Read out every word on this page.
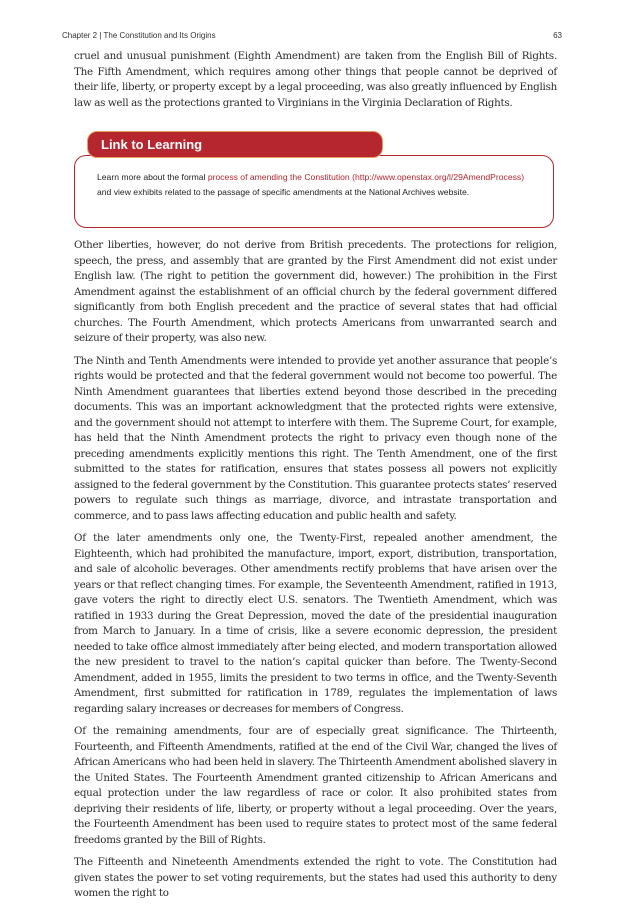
Chapter 2 | The Constitution and Its Origins	63

cruel and unusual punishment (Eighth Amendment) are taken from the English Bill of Rights. The Fifth Amendment, which requires among other things that people cannot be deprived of their life, liberty, or property except by a legal proceeding, was also greatly influenced by English law as well as the protections granted to Virginians in the Virginia Declaration of Rights.

Link to Learning
Learn more about the formal process of amending the Constitution (http://www.openstax.org/l/29AmendProcess) and view exhibits related to the passage of specific amendments at the National Archives website.

Other liberties, however, do not derive from British precedents. The protections for religion, speech, the press, and assembly that are granted by the First Amendment did not exist under English law. (The right to petition the government did, however.) The prohibition in the First Amendment against the establishment of an official church by the federal government differed significantly from both English precedent and the practice of several states that had official churches. The Fourth Amendment, which protects Americans from unwarranted search and seizure of their property, was also new.

The Ninth and Tenth Amendments were intended to provide yet another assurance that people’s rights would be protected and that the federal government would not become too powerful. The Ninth Amendment guarantees that liberties extend beyond those described in the preceding documents. This was an important acknowledgment that the protected rights were extensive, and the government should not attempt to interfere with them. The Supreme Court, for example, has held that the Ninth Amendment protects the right to privacy even though none of the preceding amendments explicitly mentions this right. The Tenth Amendment, one of the first submitted to the states for ratification, ensures that states possess all powers not explicitly assigned to the federal government by the Constitution. This guarantee protects states’ reserved powers to regulate such things as marriage, divorce, and intrastate transportation and commerce, and to pass laws affecting education and public health and safety.

Of the later amendments only one, the Twenty-First, repealed another amendment, the Eighteenth, which had prohibited the manufacture, import, export, distribution, transportation, and sale of alcoholic beverages. Other amendments rectify problems that have arisen over the years or that reflect changing times. For example, the Seventeenth Amendment, ratified in 1913, gave voters the right to directly elect U.S. senators. The Twentieth Amendment, which was ratified in 1933 during the Great Depression, moved the date of the presidential inauguration from March to January. In a time of crisis, like a severe economic depression, the president needed to take office almost immediately after being elected, and modern transportation allowed the new president to travel to the nation’s capital quicker than before. The Twenty-Second Amendment, added in 1955, limits the president to two terms in office, and the Twenty-Seventh Amendment, first submitted for ratification in 1789, regulates the implementation of laws regarding salary increases or decreases for members of Congress.

Of the remaining amendments, four are of especially great significance. The Thirteenth, Fourteenth, and Fifteenth Amendments, ratified at the end of the Civil War, changed the lives of African Americans who had been held in slavery. The Thirteenth Amendment abolished slavery in the United States. The Fourteenth Amendment granted citizenship to African Americans and equal protection under the law regardless of race or color. It also prohibited states from depriving their residents of life, liberty, or property without a legal proceeding. Over the years, the Fourteenth Amendment has been used to require states to protect most of the same federal freedoms granted by the Bill of Rights.

The Fifteenth and Nineteenth Amendments extended the right to vote. The Constitution had given states the power to set voting requirements, but the states had used this authority to deny women the right to
